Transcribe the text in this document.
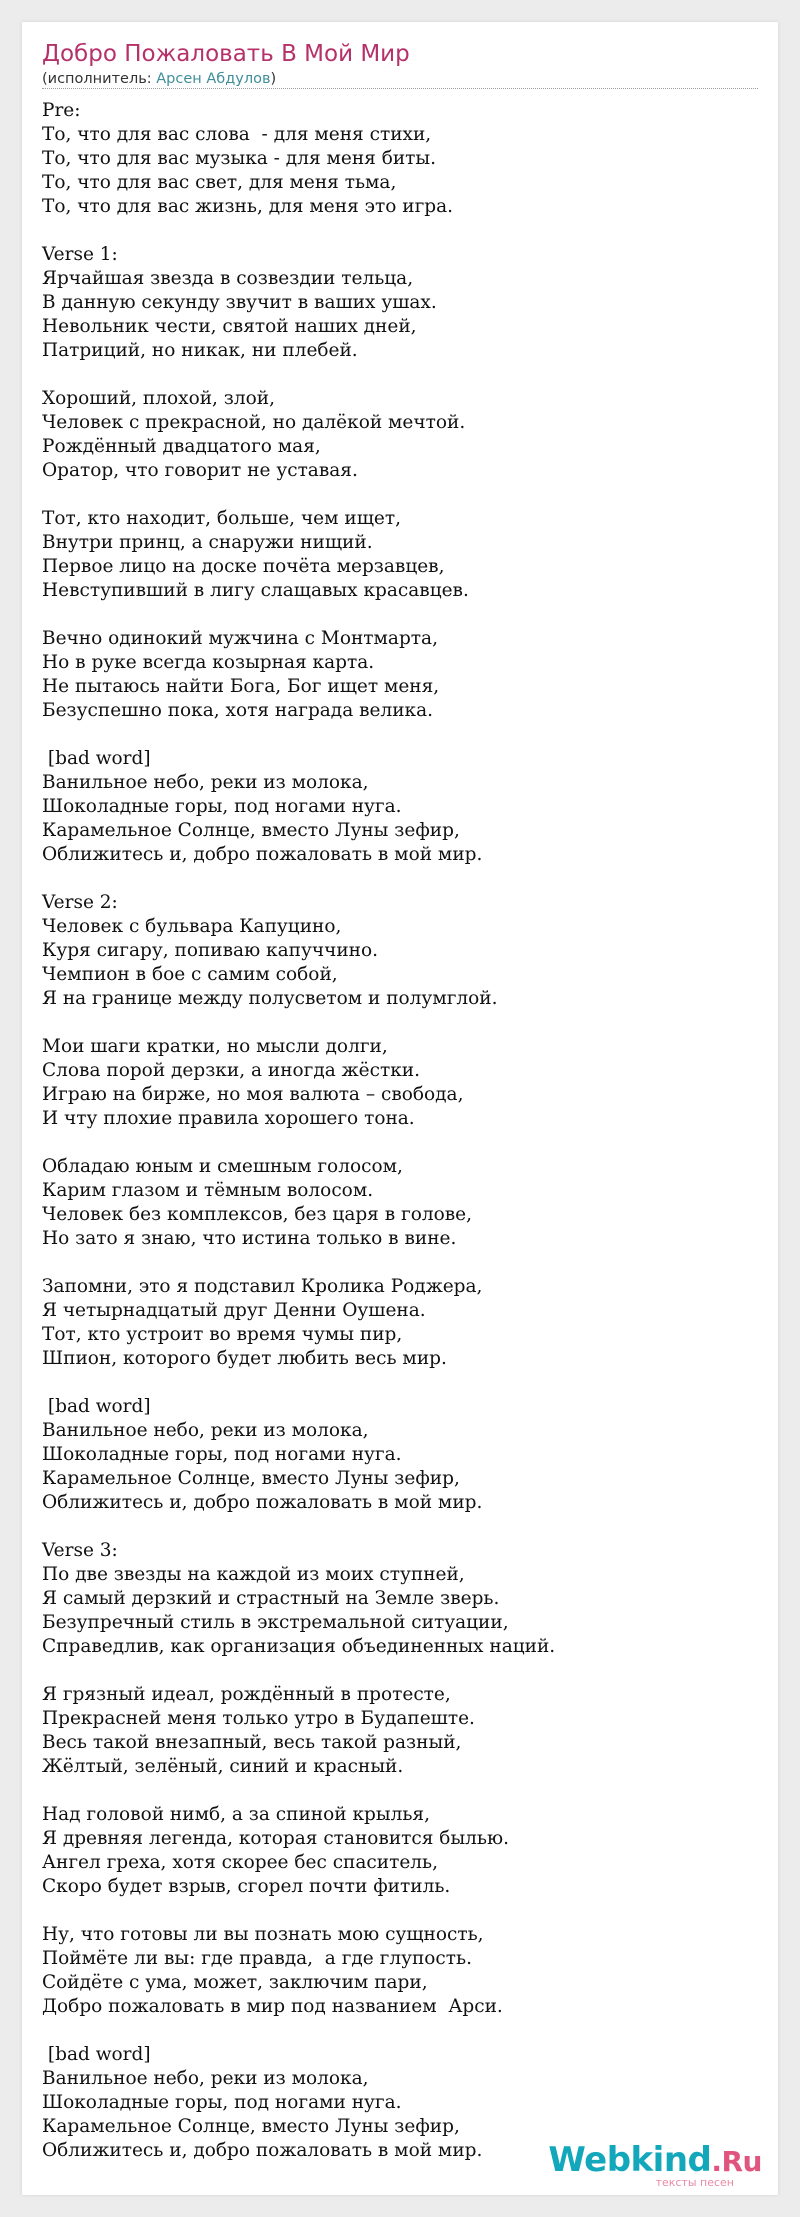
Добро Пожаловать В Мой Мир
(исполнитель: Арсен Абдулов)
Pre:
То, что для вас слова  - для меня стихи,
То, что для вас музыка - для меня биты.
То, что для вас свет, для меня тьма,
То, что для вас жизнь, для меня это игра.

Verse 1:
Ярчайшая звезда в созвездии тельца,
В данную секунду звучит в ваших ушах.
Невольник чести, святой наших дней,
Патриций, но никак, ни плебей.

Хороший, плохой, злой,
Человек с прекрасной, но далёкой мечтой.
Рождённый двадцатого мая,
Оратор, что говорит не уставая.

Тот, кто находит, больше, чем ищет,
Внутри принц, а снаружи нищий.
Первое лицо на доске почёта мерзавцев,
Невступивший в лигу слащавых красавцев.

Вечно одинокий мужчина с Монтмарта,
Но в руке всегда козырная карта.
Не пытаюсь найти Бога, Бог ищет меня,
Безуспешно пока, хотя награда велика.

[bad word]
Ванильное небо, реки из молока,
Шоколадные горы, под ногами нуга.
Карамельное Солнце, вместо Луны зефир,
Оближитесь и, добро пожаловать в мой мир.

Verse 2:
Человек с бульвара Капуцино,
Куря сигару, попиваю капуччино.
Чемпион в бое с самим собой,
Я на границе между полусветом и полумглой.

Мои шаги кратки, но мысли долги,
Слова порой дерзки, а иногда жёстки.
Играю на бирже, но моя валюта – свобода,
И чту плохие правила хорошего тона.

Обладаю юным и смешным голосом,
Карим глазом и тёмным волосом.
Человек без комплексов, без царя в голове,
Но зато я знаю, что истина только в вине.

Запомни, это я подставил Кролика Роджера,
Я четырнадцатый друг Денни Оушена.
Тот, кто устроит во время чумы пир,
Шпион, которого будет любить весь мир.

[bad word]
Ванильное небо, реки из молока,
Шоколадные горы, под ногами нуга.
Карамельное Солнце, вместо Луны зефир,
Оближитесь и, добро пожаловать в мой мир.

Verse 3:
По две звезды на каждой из моих ступней,
Я самый дерзкий и страстный на Земле зверь.
Безупречный стиль в экстремальной ситуации,
Справедлив, как организация объединенных наций.

Я грязный идеал, рождённый в протесте,
Прекрасней меня только утро в Будапеште.
Весь такой внезапный, весь такой разный,
Жёлтый, зелёный, синий и красный.

Над головой нимб, а за спиной крылья,
Я древняя легенда, которая становится былью.
Ангел греха, хотя скорее бес спаситель,
Скоро будет взрыв, сгорел почти фитиль.

Ну, что готовы ли вы познать мою сущность,
Поймёте ли вы: где правда,  а где глупость.
Сойдёте с ума, может, заключим пари,
Добро пожаловать в мир под названием  Арси.

[bad word]
Ванильное небо, реки из молока,
Шоколадные горы, под ногами нуга.
Карамельное Солнце, вместо Луны зефир,
Оближитесь и, добро пожаловать в мой мир.	Webkind.Ru
тексты песен
